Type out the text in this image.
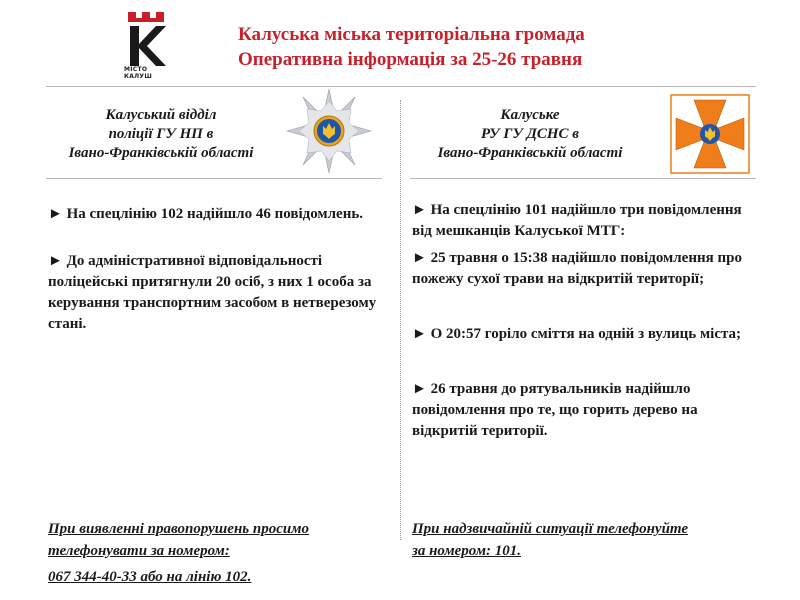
МІСТО
КАЛУШ
Калуська міська територіальна громада
Оперативна інформація за 25-26 травня
Калуський відділ
поліції ГУ НП в
Івано-Франківській області
Калуське
РУ ГУ ДСНС в
Івано-Франківській області

► На спецлінію 102 надійшло 46 повідомлень.

► До адміністративної відповідальності поліцейські притягнули 20 осіб, з них 1 особа за керування транспортним засобом в нетверезому стані.

► На спецлінію 101 надійшло три повідомлення від мешканців Калуської МТГ:

► 25 травня о 15:38 надійшло повідомлення про пожежу сухої трави на відкритій території;

► О 20:57 горіло сміття на одній з вулиць міста;

► 26 травня до рятувальників надійшло повідомлення про те, що горить дерево на відкритій території.

При виявленні правопорушень просимо
телефонувати за номером:
067 344-40-33 або на лінію 102.
При надзвичайній ситуації телефонуйте
за номером: 101.
